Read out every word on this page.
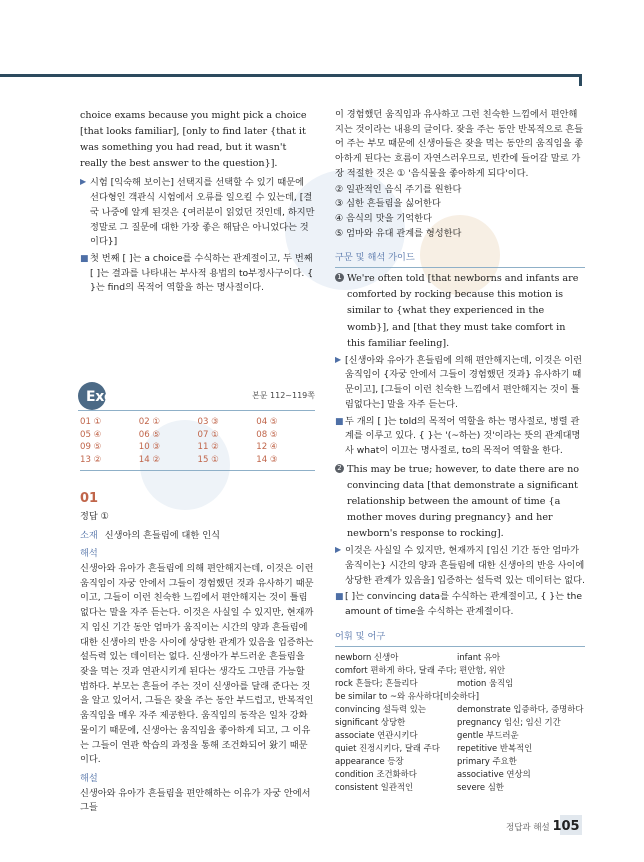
choice exams because you might pick a choice [that looks familiar], [only to find later {that it was something you had read, but it wasn't really the best answer to the question}].

▶ 시험 [익숙해 보이는] 선택지를 선택할 수 있기 때문에 선다형인 객관식 시험에서 오류를 일으킬 수 있는데, [결국 나중에 알게 된것은 {여러분이 읽었던 것인데, 하지만 정말로 그 질문에 대한 가장 좋은 해답은 아니었다는 것이다}]
■ 첫 번째 [ ]는 a choice를 수식하는 관계절이고, 두 번째 [ ]는 결과를 나타내는 부사적 용법의 to부정사구이다. { }는 find의 목적어 역할을 하는 명사절이다.
Exercises	본문 112~119쪽
01 ①	02 ①	03 ③	04 ⑤
05 ④	06 ⑤	07 ①	08 ⑤
09 ⑤	10 ③	11 ②	12 ④
13 ②	14 ②	15 ①	14 ③
01
정답 ①
소재 신생아의 흔들림에 대한 인식
해석

신생아와 유아가 흔들림에 의해 편안해지는데, 이것은 이런 움직임이 자궁 안에서 그들이 경험했던 것과 유사하기 때문이고, 그들이 이런 친숙한 느낌에서 편안해지는 것이 틀림없다는 말을 자주 듣는다. 이것은 사실일 수 있지만, 현재까지 임신 기간 동안 엄마가 움직이는 시간의 양과 흔들림에 대한 신생아의 반응 사이에 상당한 관계가 있음을 입증하는 설득력 있는 데이터는 없다. 신생아가 부드러운 흔들림을 잦을 먹는 것과 연관시키게 된다는 생각도 그만큼 가능할 법하다. 부모는 흔들어 주는 것이 신생아를 달래 준다는 것을 알고 있어서, 그들은 잦을 주는 동안 부드럽고, 반복적인 움직임을 매우 자주 제공한다. 움직임의 동작은 일차 강화물이기 때문에, 신생아는 움직임을 좋아하게 되고, 그 이유는 그들이 연관 학습의 과정을 통해 조건화되어 왔기 때문이다.

해설

신생아와 유아가 흔들림을 편안해하는 이유가 자궁 안에서 그들

이 경험했던 움직임과 유사하고 그런 친숙한 느낌에서 편안해지는 것이라는 내용의 글이다. 잦을 주는 동안 반복적으로 흔들어 주는 부모 때문에 신생아들은 잦을 먹는 동안의 움직임을 좋아하게 된다는 흐름이 자연스러우므로, 빈칸에 들어갈 말로 가장 적절한 것은 ① '음식물을 좋아하게 되다'이다.

② 일관적인 음식 주기를 원한다
③ 심한 흔들림을 싫어한다
④ 음식의 맛을 기억한다
⑤ 엄마와 유대 관계를 형성한다
구문 및 해석 가이드
1 We're often told [that newborns and infants are comforted by rocking because this motion is similar to {what they experienced in the womb}], and [that they must take comfort in this familiar feeling].
▶ [신생아와 유아가 흔들림에 의해 편안해지는데, 이것은 이런 움직임이 {자궁 안에서 그들이 경험했던 것과} 유사하기 때문이고], [그들이 이런 친숙한 느낌에서 편안해지는 것이 틀림없다는] 말을 자주 듣는다.
■ 두 개의 [ ]는 told의 목적어 역할을 하는 명사절로, 병렬 관계를 이루고 있다. { }는 '(~하는) 것'이라는 뜻의 관계대명사 what이 이끄는 명사절로, to의 목적어 역할을 한다.
2 This may be true; however, to date there are no convincing data [that demonstrate a significant relationship between the amount of time {a mother moves during pregnancy} and her newborn's response to rocking].
▶ 이것은 사실일 수 있지만, 현재까지 [임신 기간 동안 엄마가 움직이는} 시간의 양과 흔들림에 대한 신생아의 반응 사이에 상당한 관계가 있음을] 입증하는 설득력 있는 데이터는 없다.
■ [ ]는 convincing data를 수식하는 관계절이고, { }는 the amount of time을 수식하는 관계절이다.
어휘 및 어구
newborn 신생아	infant 유아
comfort 편하게 하다, 달래 주다; 편안함, 위안
rock 흔들다; 흔들리다	motion 움직임
be similar to ~와 유사하다[비슷하다]
convincing 설득력 있는	demonstrate 입증하다, 증명하다
significant 상당한	pregnancy 임신; 임신 기간
associate 연관시키다	gentle 부드러운
quiet 진정시키다, 달래 주다	repetitive 반복적인
appearance 등장	primary 주요한
condition 조건화하다	associative 연상의
consistent 일관적인	severe 심한
정답과 해설 105
